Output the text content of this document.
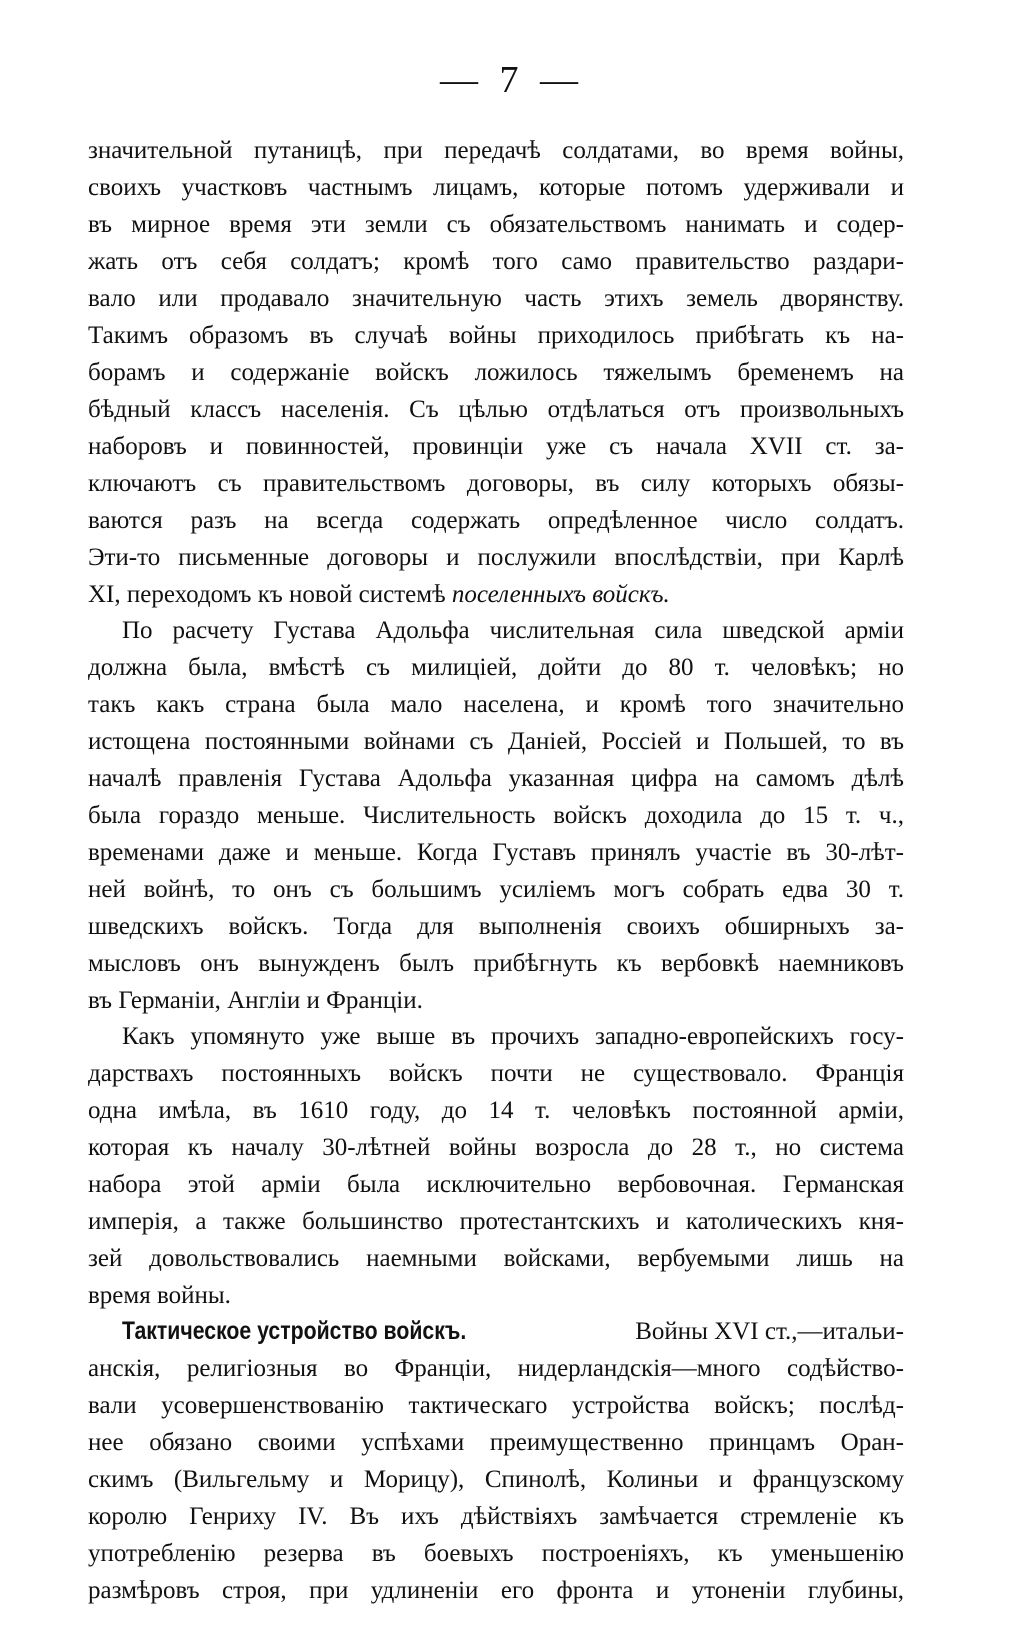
— 7 —
значительной путаницѣ, при передачѣ солдатами, во время войны,
своихъ участковъ частнымъ лицамъ, которые потомъ удерживали и
въ мирное время эти земли съ обязательствомъ нанимать и содер-
жать отъ себя солдатъ; кромѣ того само правительство раздари-
вало или продавало значительную часть этихъ земель дворянству.
Такимъ образомъ въ случаѣ войны приходилось прибѣгать къ на-
борамъ и содержаніе войскъ ложилось тяжелымъ бременемъ на
бѣдный классъ населенія. Съ цѣлью отдѣлаться отъ произвольныхъ
наборовъ и повинностей, провинціи уже съ начала XVII ст. за-
ключаютъ съ правительствомъ договоры, въ силу которыхъ обязы-
ваются разъ на всегда содержать опредѣленное число солдатъ.
Эти-то письменные договоры и послужили впослѣдствіи, при Карлѣ
XI, переходомъ къ новой системѣ поселенныхъ войскъ.
По расчету Густава Адольфа числительная сила шведской арміи
должна была, вмѣстѣ съ милиціей, дойти до 80 т. человѣкъ; но
такъ какъ страна была мало населена, и кромѣ того значительно
истощена постоянными войнами съ Даніей, Россіей и Польшей, то въ
началѣ правленія Густава Адольфа указанная цифра на самомъ дѣлѣ
была гораздо меньше. Числительность войскъ доходила до 15 т. ч.,
временами даже и меньше. Когда Густавъ принялъ участіе въ 30-лѣт-
ней войнѣ, то онъ съ большимъ усиліемъ могъ собрать едва 30 т.
шведскихъ войскъ. Тогда для выполненія своихъ обширныхъ за-
мысловъ онъ вынужденъ былъ прибѣгнуть къ вербовкѣ наемниковъ
въ Германіи, Англіи и Франціи.
Какъ упомянуто уже выше въ прочихъ западно-европейскихъ госу-
дарствахъ постоянныхъ войскъ почти не существовало. Франція
одна имѣла, въ 1610 году, до 14 т. человѣкъ постоянной арміи,
которая къ началу 30-лѣтней войны возросла до 28 т., но система
набора этой арміи была исключительно вербовочная. Германская
имперія, а также большинство протестантскихъ и католическихъ кня-
зей довольствовались наемными войсками, вербуемыми лишь на
время войны.
Тактическое устройство войскъ.	Войны XVI ст.,—итальи-
анскія, религіозныя во Франціи, нидерландскія—много содѣйство-
вали усовершенствованію тактическаго устройства войскъ; послѣд-
нее обязано своими успѣхами преимущественно принцамъ Оран-
скимъ (Вильгельму и Морицу), Спинолѣ, Колиньи и французскому
королю Генриху IV. Въ ихъ дѣйствіяхъ замѣчается стремленіе къ
употребленію резерва въ боевыхъ построеніяхъ, къ уменьшенію
размѣровъ строя, при удлиненіи его фронта и утоненіи глубины,
